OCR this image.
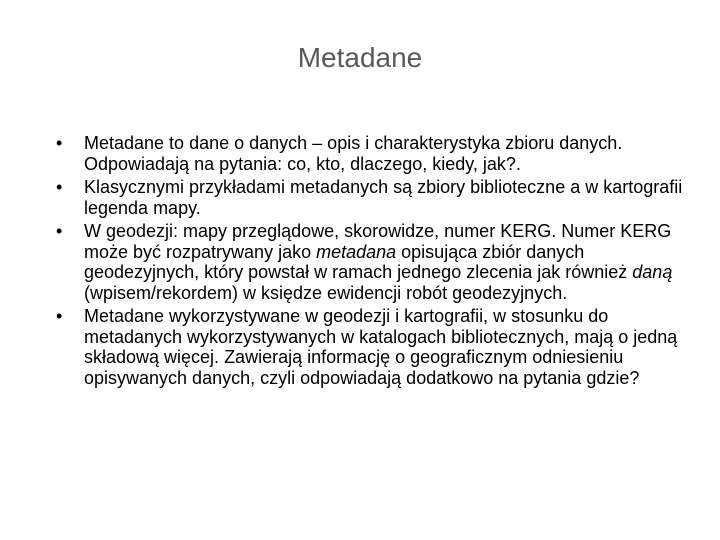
Metadane
•	Metadane to dane o danych – opis i charakterystyka zbioru danych. Odpowiadają na pytania: co, kto, dlaczego, kiedy, jak?.
•	Klasycznymi przykładami metadanych są zbiory biblioteczne a w kartografii legenda mapy.
•	W geodezji: mapy przeglądowe, skorowidze, numer KERG. Numer KERG może być rozpatrywany jako metadana opisująca zbiór danych geodezyjnych, który powstał w ramach jednego zlecenia jak również daną (wpisem/rekordem) w księdze ewidencji robót geodezyjnych.
•	Metadane wykorzystywane w geodezji i kartografii, w stosunku do metadanych wykorzystywanych w katalogach bibliotecznych, mają o jedną składową więcej. Zawierają informację o geograficznym odniesieniu opisywanych danych, czyli odpowiadają dodatkowo na pytania gdzie?
